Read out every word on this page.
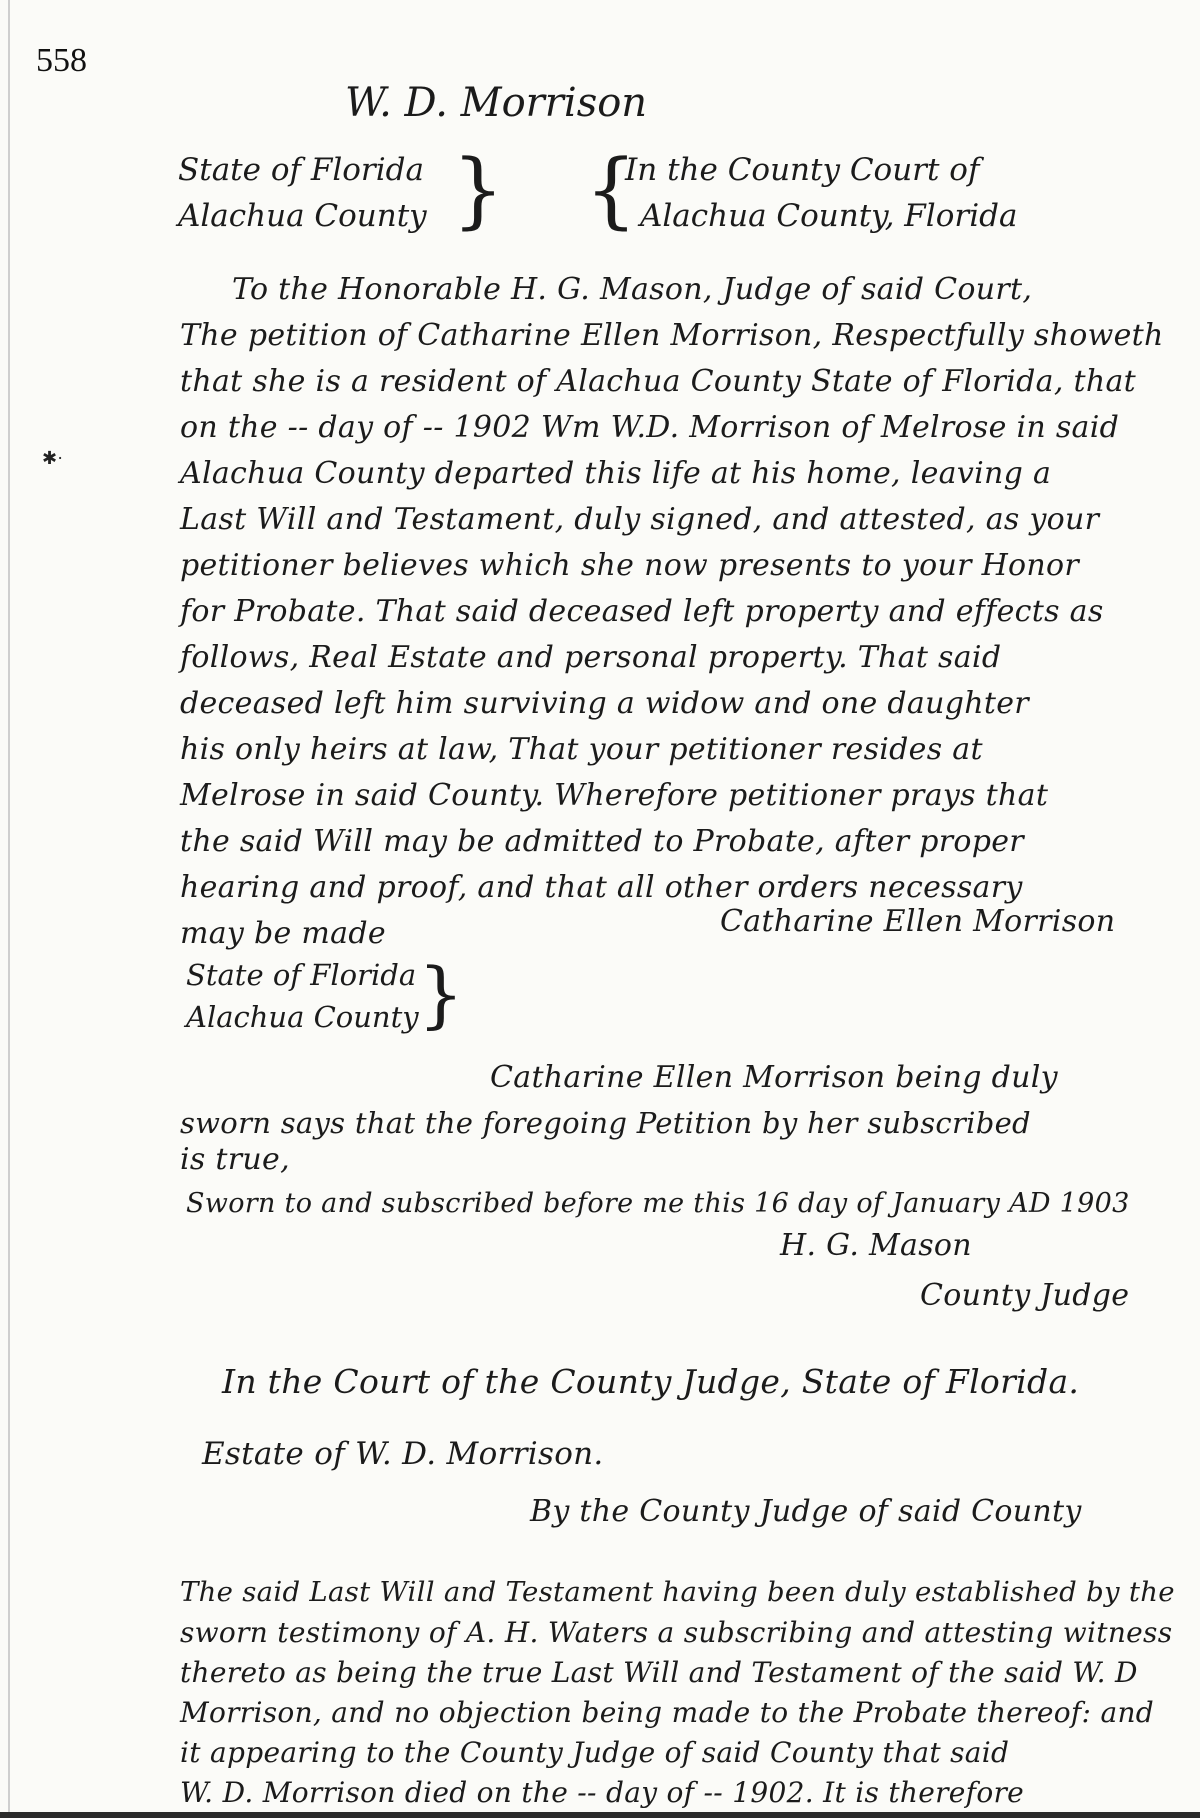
558
W. D. Morrison
State of Florida
Alachua County } {
In the County Court of
Alachua County, Florida
✱·
To the Honorable H. G. Mason, Judge of said Court,
The petition of Catharine Ellen Morrison, Respectfully showeth
that she is a resident of Alachua County State of Florida, that
on the -- day of -- 1902 Wm W.D. Morrison of Melrose in said
Alachua County departed this life at his home, leaving a
Last Will and Testament, duly signed, and attested, as your
petitioner believes which she now presents to your Honor
for Probate. That said deceased left property and effects as
follows, Real Estate and personal property. That said
deceased left him surviving a widow and one daughter
his only heirs at law, That your petitioner resides at
Melrose in said County. Wherefore petitioner prays that
the said Will may be admitted to Probate, after proper
hearing and proof, and that all other orders necessary
may be made	Catharine Ellen Morrison
State of Florida
Alachua County }
Catharine Ellen Morrison being duly
sworn says that the foregoing Petition by her subscribed
is true,
Sworn to and subscribed before me this 16 day of January AD 1903
H. G. Mason
County Judge
In the Court of the County Judge, State of Florida.
Estate of W. D. Morrison.
By the County Judge of said County
The said Last Will and Testament having been duly established by the
sworn testimony of A. H. Waters a subscribing and attesting witness
thereto as being the true Last Will and Testament of the said W. D
Morrison, and no objection being made to the Probate thereof: and
it appearing to the County Judge of said County that said
W. D. Morrison died on the -- day of -- 1902. It is therefore
